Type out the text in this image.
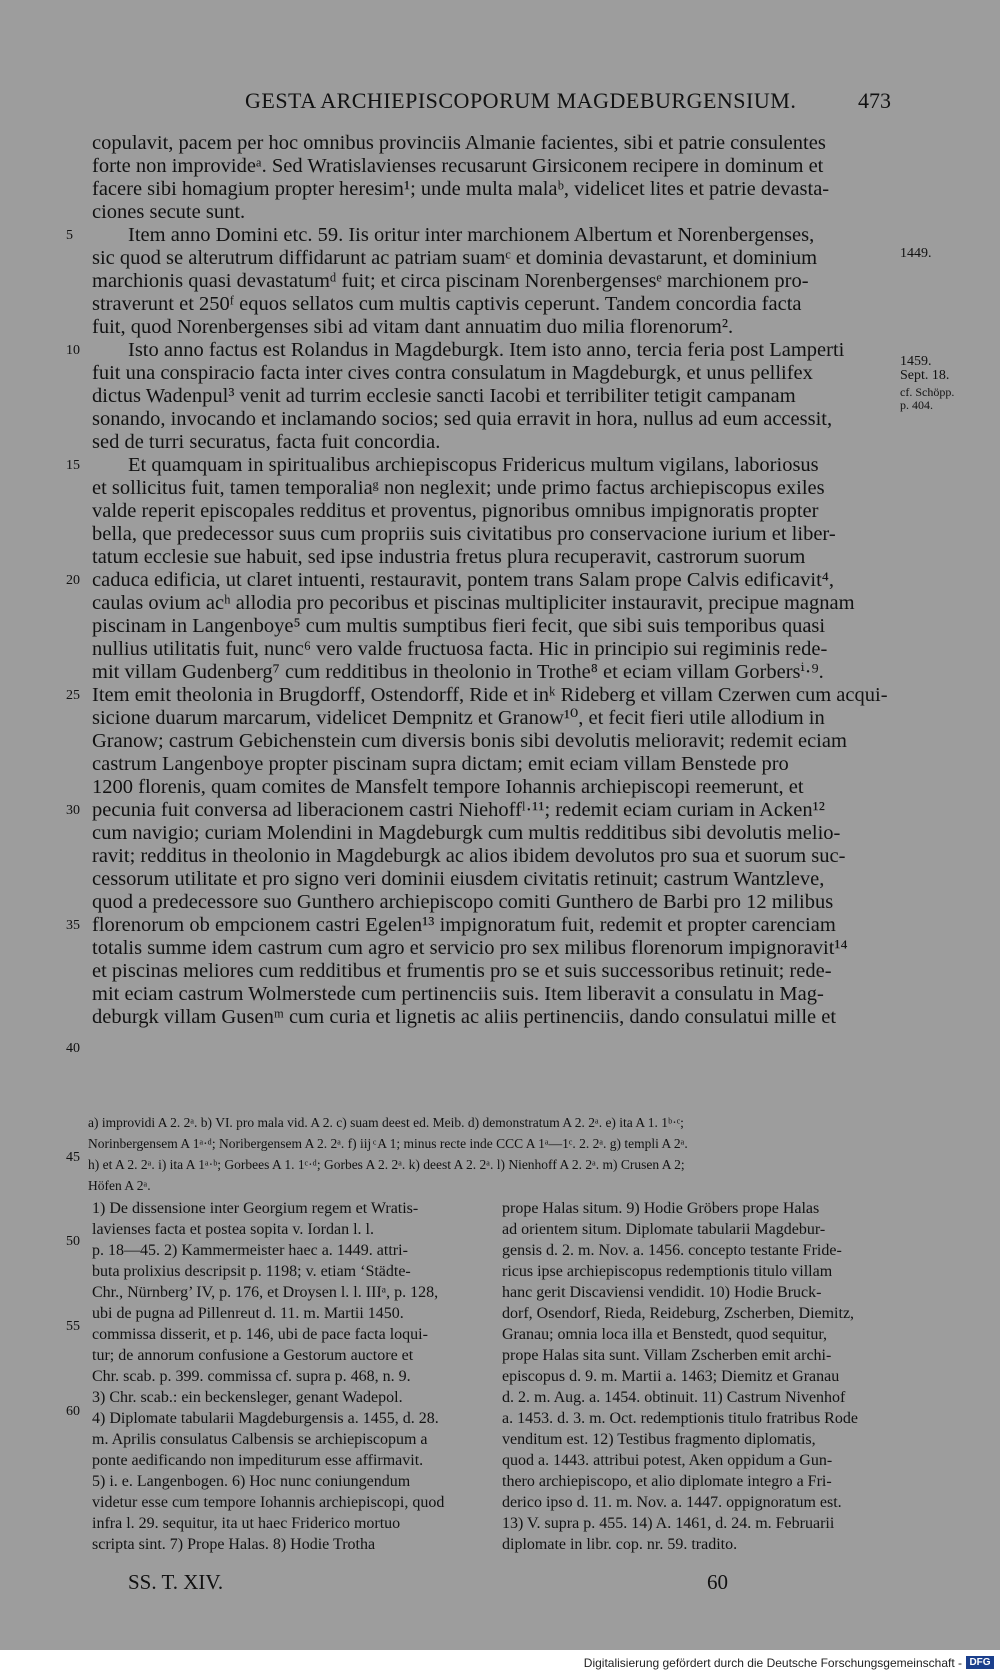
GESTA ARCHIEPISCOPORUM MAGDEBURGENSIUM.	473
copulavit, pacem per hoc omnibus provinciis Almanie facientes, sibi et patrie consulentes
forte non improvideᵃ. Sed Wratislavienses recusarunt Girsiconem recipere in dominum et
facere sibi homagium propter heresim¹; unde multa malaᵇ, videlicet lites et patrie devasta-
ciones secute sunt.
Item anno Domini etc. 59. Iis oritur inter marchionem Albertum et Norenbergenses,
sic quod se alterutrum diffidarunt ac patriam suamᶜ et dominia devastarunt, et dominium
marchionis quasi devastatumᵈ fuit; et circa piscinam Norenbergensesᵉ marchionem pro-
straverunt et 250ᶠ equos sellatos cum multis captivis ceperunt. Tandem concordia facta
fuit, quod Norenbergenses sibi ad vitam dant annuatim duo milia florenorum².
Isto anno factus est Rolandus in Magdeburgk. Item isto anno, tercia feria post Lamperti
fuit una conspiracio facta inter cives contra consulatum in Magdeburgk, et unus pellifex
dictus Wadenpul³ venit ad turrim ecclesie sancti Iacobi et terribiliter tetigit campanam
sonando, invocando et inclamando socios; sed quia erravit in hora, nullus ad eum accessit,
sed de turri securatus, facta fuit concordia.
Et quamquam in spiritualibus archiepiscopus Fridericus multum vigilans, laboriosus
et sollicitus fuit, tamen temporaliaᵍ non neglexit; unde primo factus archiepiscopus exiles
valde reperit episcopales redditus et proventus, pignoribus omnibus impignoratis propter
bella, que predecessor suus cum propriis suis civitatibus pro conservacione iurium et liber-
tatum ecclesie sue habuit, sed ipse industria fretus plura recuperavit, castrorum suorum
caduca edificia, ut claret intuenti, restauravit, pontem trans Salam prope Calvis edificavit⁴,
caulas ovium acʰ allodia pro pecoribus et piscinas multipliciter instauravit, precipue magnam
piscinam in Langenboye⁵ cum multis sumptibus fieri fecit, que sibi suis temporibus quasi
nullius utilitatis fuit, nunc⁶ vero valde fructuosa facta. Hic in principio sui regiminis rede-
mit villam Gudenberg⁷ cum redditibus in theolonio in Trothe⁸ et eciam villam Gorbersⁱ·⁹.
Item emit theolonia in Brugdorff, Ostendorff, Ride et inᵏ Rideberg et villam Czerwen cum acqui-
sicione duarum marcarum, videlicet Dempnitz et Granow¹⁰, et fecit fieri utile allodium in
Granow; castrum Gebichenstein cum diversis bonis sibi devolutis melioravit; redemit eciam
castrum Langenboye propter piscinam supra dictam; emit eciam villam Benstede pro
1200 florenis, quam comites de Mansfelt tempore Iohannis archiepiscopi reemerunt, et
pecunia fuit conversa ad liberacionem castri Niehoffˡ·¹¹; redemit eciam curiam in Acken¹²
cum navigio; curiam Molendini in Magdeburgk cum multis redditibus sibi devolutis melio-
ravit; redditus in theolonio in Magdeburgk ac alios ibidem devolutos pro sua et suorum suc-
cessorum utilitate et pro signo veri dominii eiusdem civitatis retinuit; castrum Wantzleve,
quod a predecessore suo Gunthero archiepiscopo comiti Gunthero de Barbi pro 12 milibus
florenorum ob empcionem castri Egelen¹³ impignoratum fuit, redemit et propter carenciam
totalis summe idem castrum cum agro et servicio pro sex milibus florenorum impignoravit¹⁴
et piscinas meliores cum redditibus et frumentis pro se et suis successoribus retinuit; rede-
mit eciam castrum Wolmerstede cum pertinenciis suis. Item liberavit a consulatu in Mag-
deburgk villam Gusenᵐ cum curia et lignetis ac aliis pertinenciis, dando consulatui mille et
5
10
15
20
25
30
35
40
45
50
55
60
1449.
1459.
Sept. 18.
cf. Schöpp.
p. 404.
a) improvidi A 2. 2ᵃ. b) VI. pro mala vid. A 2. c) suam deest ed. Meib. d) demonstratum A 2. 2ᵃ. e) ita A 1. 1ᵇ·ᶜ;
Norinbergensem A 1ᵃ·ᵈ; Noribergensem A 2. 2ᵃ. f) iij ͨ A 1; minus recte inde CCC A 1ᵃ—1ᶜ. 2. 2ᵃ. g) templi A 2ᵃ.
h) et A 2. 2ᵃ. i) ita A 1ᵃ·ᵇ; Gorbees A 1. 1ᶜ·ᵈ; Gorbes A 2. 2ᵃ. k) deest A 2. 2ᵃ. l) Nienhoff A 2. 2ᵃ. m) Crusen A 2;
Höfen A 2ᵃ.
1) De dissensione inter Georgium regem et Wratis-
lavienses facta et postea sopita v. Iordan l. l.
p. 18—45. 2) Kammermeister haec a. 1449. attri-
buta prolixius descripsit p. 1198; v. etiam ‘Städte-
Chr., Nürnberg’ IV, p. 176, et Droysen l. l. IIIᵃ, p. 128,
ubi de pugna ad Pillenreut d. 11. m. Martii 1450.
commissa disserit, et p. 146, ubi de pace facta loqui-
tur; de annorum confusione a Gestorum auctore et
Chr. scab. p. 399. commissa cf. supra p. 468, n. 9.
3) Chr. scab.: ein beckensleger, genant Wadepol.
4) Diplomate tabularii Magdeburgensis a. 1455, d. 28.
m. Aprilis consulatus Calbensis se archiepiscopum a
ponte aedificando non impediturum esse affirmavit.
5) i. e. Langenbogen. 6) Hoc nunc coniungendum
videtur esse cum tempore Iohannis archiepiscopi, quod
infra l. 29. sequitur, ita ut haec Friderico mortuo
scripta sint. 7) Prope Halas. 8) Hodie Trotha
prope Halas situm. 9) Hodie Gröbers prope Halas
ad orientem situm. Diplomate tabularii Magdebur-
gensis d. 2. m. Nov. a. 1456. concepto testante Fride-
ricus ipse archiepiscopus redemptionis titulo villam
hanc gerit Discaviensi vendidit. 10) Hodie Bruck-
dorf, Osendorf, Rieda, Reideburg, Zscherben, Diemitz,
Granau; omnia loca illa et Benstedt, quod sequitur,
prope Halas sita sunt. Villam Zscherben emit archi-
episcopus d. 9. m. Martii a. 1463; Diemitz et Granau
d. 2. m. Aug. a. 1454. obtinuit. 11) Castrum Nivenhof
a. 1453. d. 3. m. Oct. redemptionis titulo fratribus Rode
venditum est. 12) Testibus fragmento diplomatis,
quod a. 1443. attribui potest, Aken oppidum a Gun-
thero archiepiscopo, et alio diplomate integro a Fri-
derico ipso d. 11. m. Nov. a. 1447. oppignoratum est.
13) V. supra p. 455. 14) A. 1461, d. 24. m. Februarii
diplomate in libr. cop. nr. 59. tradito.
SS. T. XIV.	60
Digitalisierung gefördert durch die Deutsche Forschungsgemeinschaft - DFG
